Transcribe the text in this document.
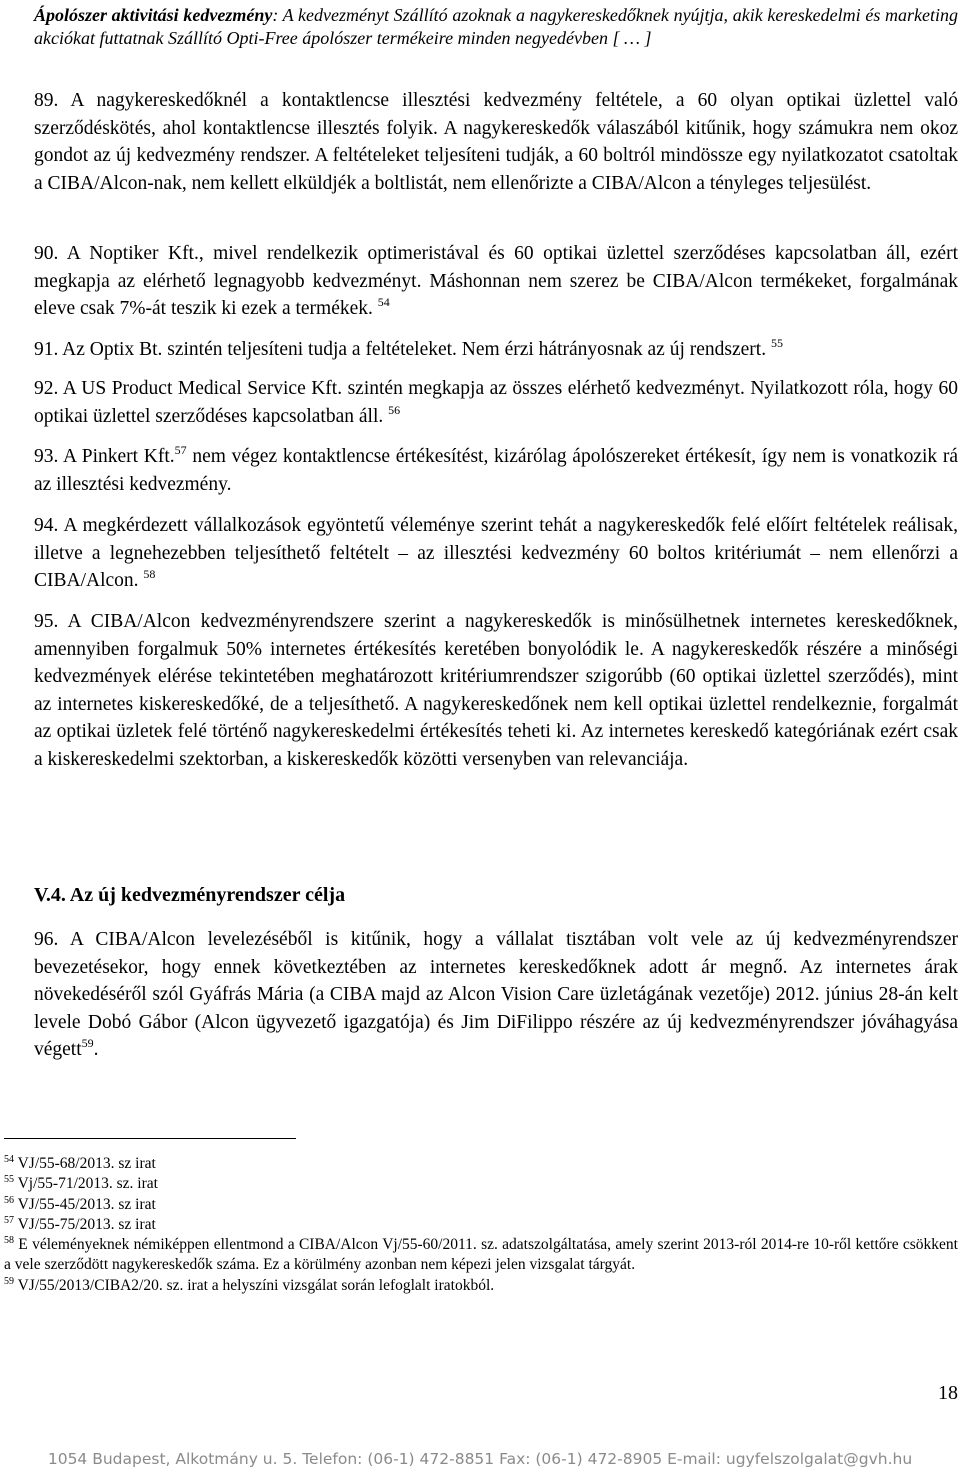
Ápolószer aktivitási kedvezmény: A kedvezményt Szállító azoknak a nagykereskedőknek nyújtja, akik kereskedelmi és marketing akciókat futtatnak Szállító Opti-Free ápolószer termékeire minden negyedévben [ … ]
89. A nagykereskedőknél a kontaktlencse illesztési kedvezmény feltétele, a 60 olyan optikai üzlettel való szerződéskötés, ahol kontaktlencse illesztés folyik. A nagykereskedők válaszából kitűnik, hogy számukra nem okoz gondot az új kedvezmény rendszer. A feltételeket teljesíteni tudják, a 60 boltról mindössze egy nyilatkozatot csatoltak a CIBA/Alcon-nak, nem kellett elküldjék a boltlistát, nem ellenőrizte a CIBA/Alcon a tényleges teljesülést.
90. A Noptiker Kft., mivel rendelkezik optimeristával és 60 optikai üzlettel szerződéses kapcsolatban áll, ezért megkapja az elérhető legnagyobb kedvezményt. Máshonnan nem szerez be CIBA/Alcon termékeket, forgalmának eleve csak 7%-át teszik ki ezek a termékek. $^{54}$
91. Az Optix Bt. szintén teljesíteni tudja a feltételeket. Nem érzi hátrányosnak az új rendszert. $^{55}$
92. A US Product Medical Service Kft. szintén megkapja az összes elérhető kedvezményt. Nyilatkozott róla, hogy 60 optikai üzlettel szerződéses kapcsolatban áll. $^{56}$
93. A Pinkert Kft.$^{57}$ nem végez kontaktlencse értékesítést, kizárólag ápolószereket értékesít, így nem is vonatkozik rá az illesztési kedvezmény.
94. A megkérdezett vállalkozások egyöntetű véleménye szerint tehát a nagykereskedők felé előírt feltételek reálisak, illetve a legnehezebben teljesíthető feltételt – az illesztési kedvezmény 60 boltos kritériumát – nem ellenőrzi a CIBA/Alcon. $^{58}$
95. A CIBA/Alcon kedvezményrendszere szerint a nagykereskedők is minősülhetnek internetes kereskedőknek, amennyiben forgalmuk 50% internetes értékesítés keretében bonyolódik le. A nagykereskedők részére a minőségi kedvezmények elérése tekintetében meghatározott kritériumrendszer szigorúbb (60 optikai üzlettel szerződés), mint az internetes kiskereskedőké, de a teljesíthető. A nagykereskedőnek nem kell optikai üzlettel rendelkeznie, forgalmát az optikai üzletek felé történő nagykereskedelmi értékesítés teheti ki. Az internetes kereskedő kategóriának ezért csak a kiskereskedelmi szektorban, a kiskereskedők közötti versenyben van relevanciája.
V.4. Az új kedvezményrendszer célja
96. A CIBA/Alcon levelezéséből is kitűnik, hogy a vállalat tisztában volt vele az új kedvezményrendszer bevezetésekor, hogy ennek következtében az internetes kereskedőknek adott ár megnő. Az internetes árak növekedéséről szól Gyáfrás Mária (a CIBA majd az Alcon Vision Care üzletágának vezetője) 2012. június 28-án kelt levele Dobó Gábor (Alcon ügyvezető igazgatója) és Jim DiFilippo részére az új kedvezményrendszer jóváhagyása végett$^{59}$.
$^{54}$ VJ/55-68/2013. sz irat
$^{55}$ Vj/55-71/2013. sz. irat
$^{56}$ VJ/55-45/2013. sz irat
$^{57}$ VJ/55-75/2013. sz irat
$^{58}$ E véleményeknek némiképpen ellentmond a CIBA/Alcon Vj/55-60/2011. sz. adatszolgáltatása, amely szerint 2013-ról 2014-re 10-ről kettőre csökkent a vele szerződött nagykereskedők száma. Ez a körülmény azonban nem képezi jelen vizsgalat tárgyát.
$^{59}$ VJ/55/2013/CIBA2/20. sz. irat a helyszíni vizsgálat során lefoglalt iratokból.
18
1054 Budapest, Alkotmány u. 5. Telefon: (06-1) 472-8851 Fax: (06-1) 472-8905 E-mail: ugyfelszolgalat@gvh.hu
